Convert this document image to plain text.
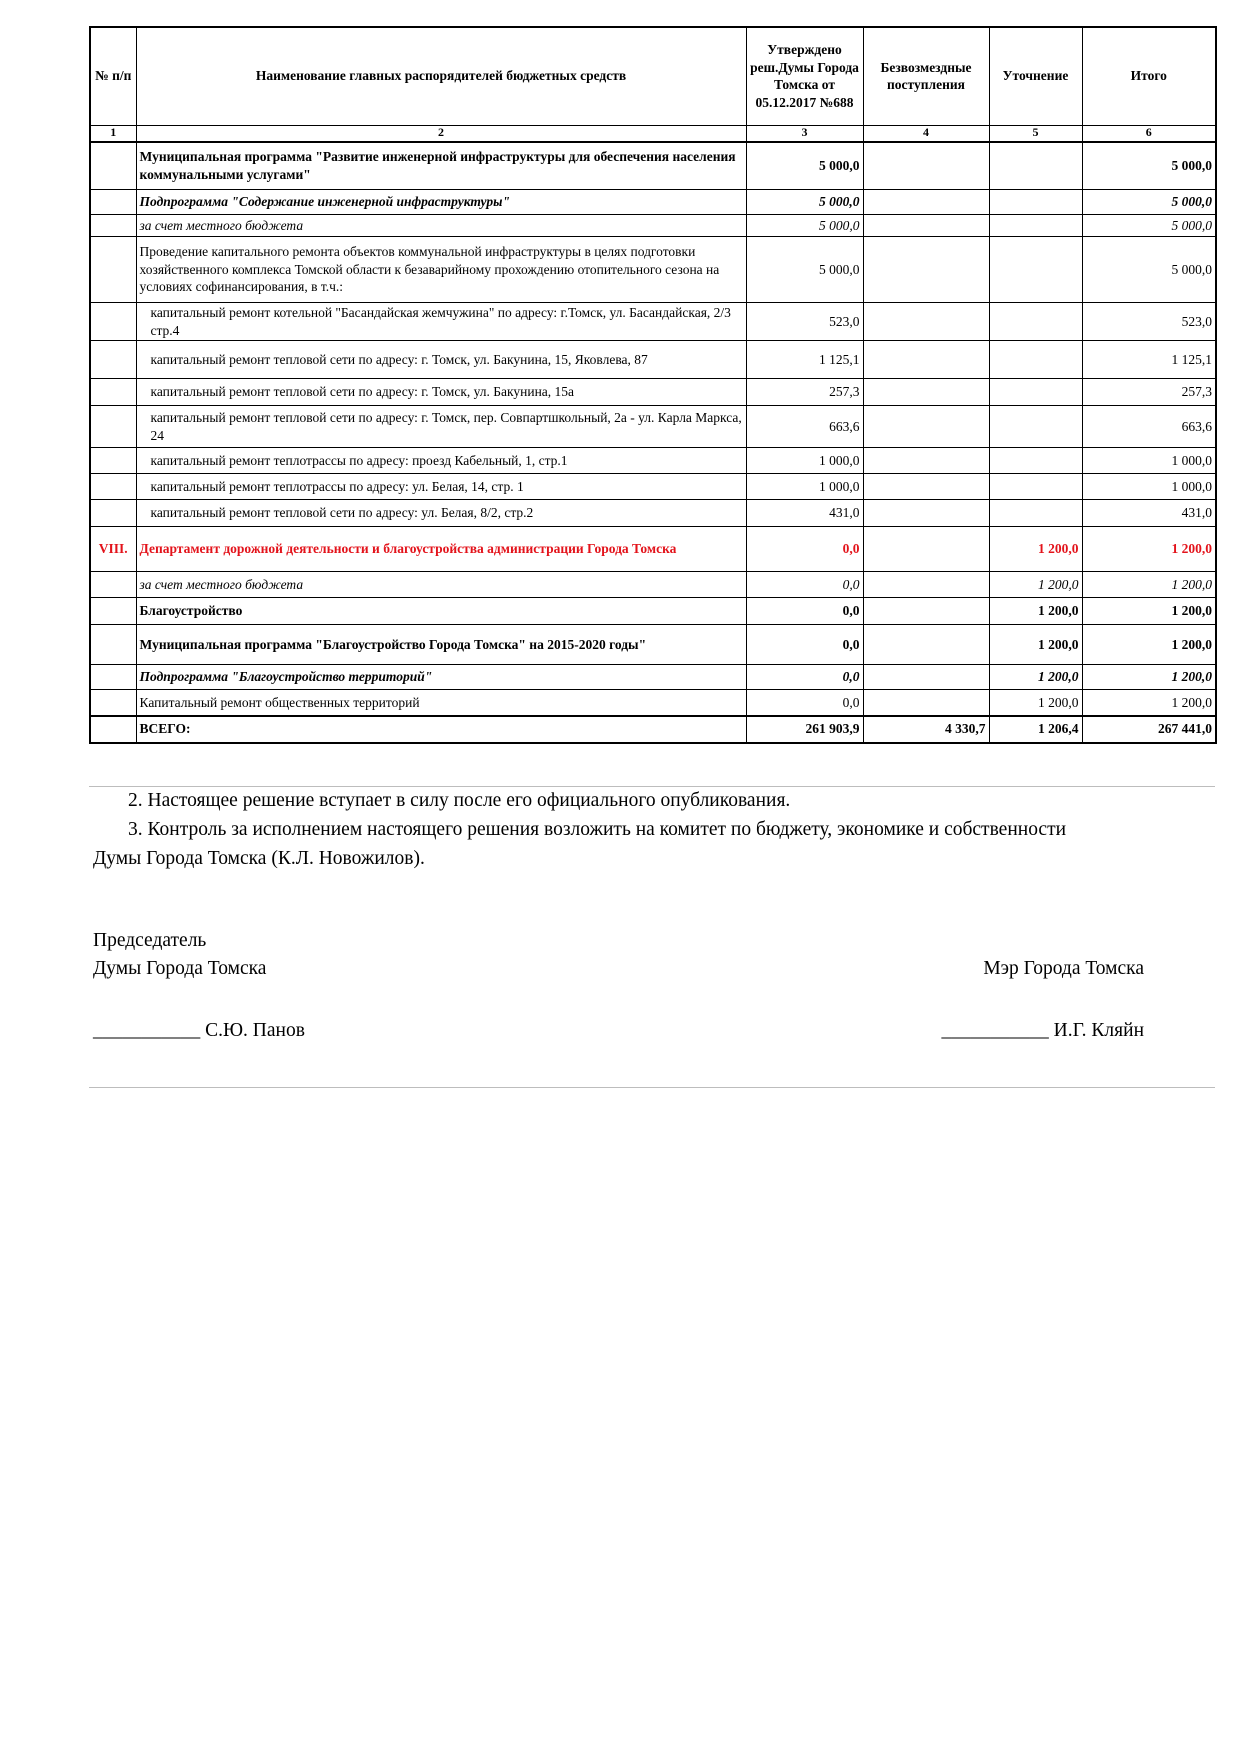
№ п/п	Наименование главных распорядителей бюджетных средств	Утверждено реш.Думы Города Томска от 05.12.2017 №688	Безвозмездные поступления	Уточнение	Итого
1	2	3	4	5	6
	Муниципальная программа "Развитие инженерной инфраструктуры для обеспечения населения коммунальными услугами"	5 000,0			5 000,0
	Подпрограмма "Содержание инженерной инфраструктуры"	5 000,0			5 000,0
	за счет местного бюджета	5 000,0			5 000,0
	Проведение капитального ремонта объектов коммунальной инфраструктуры в целях подготовки хозяйственного комплекса Томской области к безаварийному прохождению отопительного сезона на условиях софинансирования, в т.ч.:	5 000,0			5 000,0
	капитальный ремонт котельной "Басандайская жемчужина" по адресу: г.Томск, ул. Басандайская, 2/3 стр.4	523,0			523,0
	капитальный ремонт тепловой сети по адресу: г. Томск, ул. Бакунина, 15, Яковлева, 87	1 125,1			1 125,1
	капитальный ремонт тепловой сети по адресу: г. Томск, ул. Бакунина, 15а	257,3			257,3
	капитальный ремонт тепловой сети по адресу: г. Томск, пер. Совпартшкольный, 2а - ул. Карла Маркса, 24	663,6			663,6
	капитальный ремонт теплотрассы по адресу: проезд Кабельный, 1, стр.1	1 000,0			1 000,0
	капитальный ремонт теплотрассы по адресу: ул. Белая, 14, стр. 1	1 000,0			1 000,0
	капитальный ремонт тепловой сети по адресу: ул. Белая, 8/2, стр.2	431,0			431,0
VIII.	Департамент дорожной деятельности и благоустройства администрации Города Томска	0,0		1 200,0	1 200,0
	за счет местного бюджета	0,0		1 200,0	1 200,0
	Благоустройство	0,0		1 200,0	1 200,0
	Муниципальная программа "Благоустройство Города Томска" на 2015-2020 годы"	0,0		1 200,0	1 200,0
	Подпрограмма "Благоустройство территорий"	0,0		1 200,0	1 200,0
	Капитальный ремонт общественных территорий	0,0		1 200,0	1 200,0
	ВСЕГО:	261 903,9	4 330,7	1 206,4	267 441,0

2. Настоящее решение вступает в силу после его официального опубликования.

3. Контроль за исполнением настоящего решения возложить на комитет по бюджету, экономике и собственности Думы Города Томска (К.Л. Новожилов).

Председатель

Думы Города Томска	Мэр Города Томска

___________ С.Ю. Панов	___________ И.Г. Кляйн
